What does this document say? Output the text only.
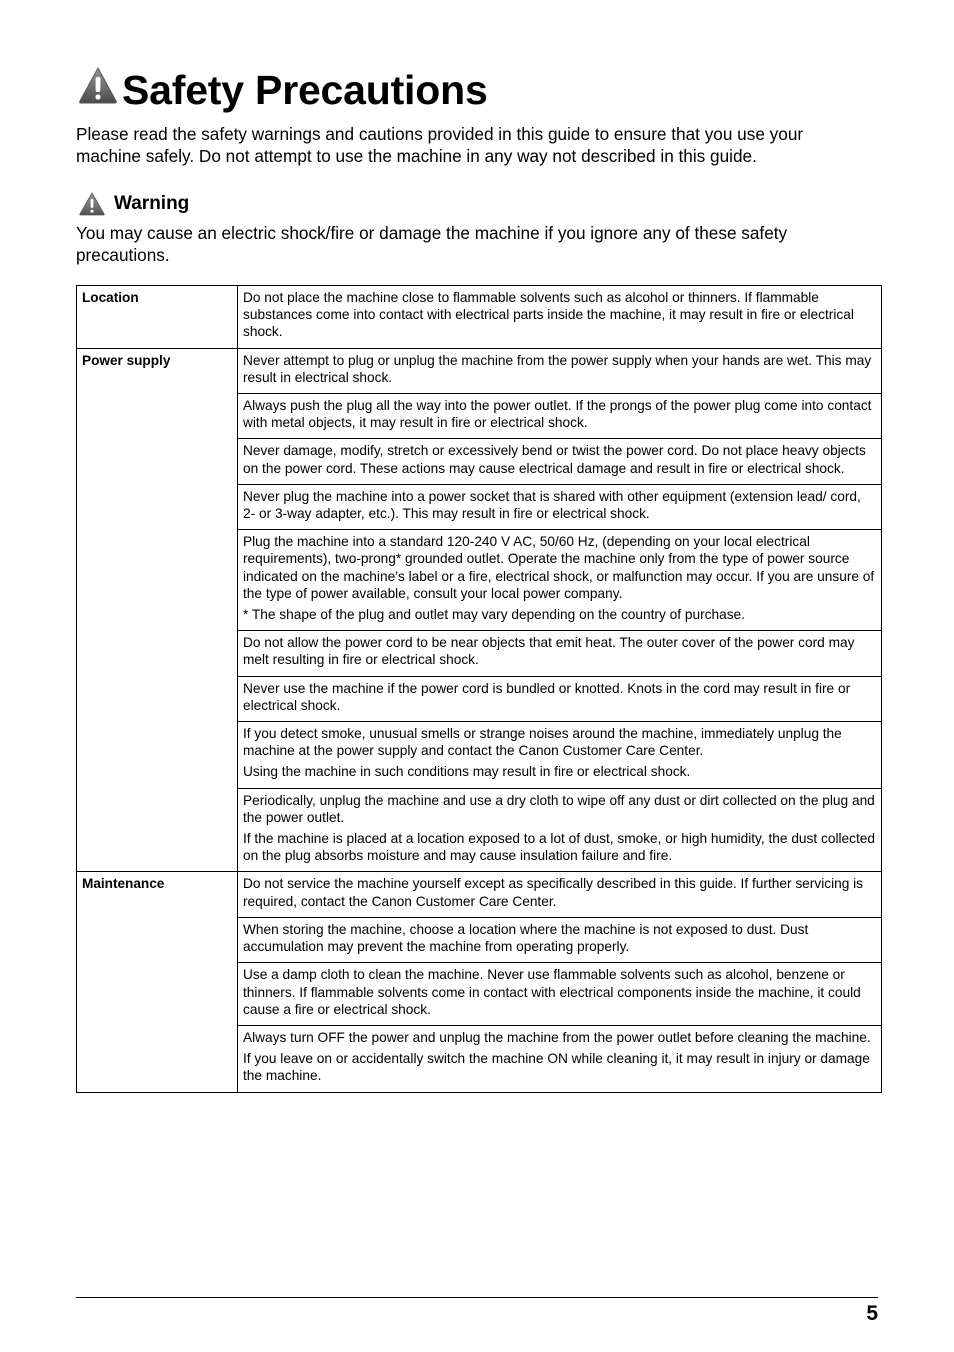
Safety Precautions

Please read the safety warnings and cautions provided in this guide to ensure that you use your machine safely. Do not attempt to use the machine in any way not described in this guide.

Warning

You may cause an electric shock/fire or damage the machine if you ignore any of these safety precautions.

Location	Do not place the machine close to flammable solvents such as alcohol or thinners. If flammable substances come into contact with electrical parts inside the machine, it may result in fire or electrical shock.

Power supply	Never attempt to plug or unplug the machine from the power supply when your hands are wet. This may result in electrical shock.

	Always push the plug all the way into the power outlet. If the prongs of the power plug come into contact with metal objects, it may result in fire or electrical shock.

	Never damage, modify, stretch or excessively bend or twist the power cord. Do not place heavy objects on the power cord. These actions may cause electrical damage and result in fire or electrical shock.

	Never plug the machine into a power socket that is shared with other equipment (extension lead/ cord, 2- or 3-way adapter, etc.). This may result in fire or electrical shock.

	Plug the machine into a standard 120-240 V AC, 50/60 Hz, (depending on your local electrical requirements), two-prong* grounded outlet. Operate the machine only from the type of power source indicated on the machine’s label or a fire, electrical shock, or malfunction may occur. If you are unsure of the type of power available, consult your local power company.

* The shape of the plug and outlet may vary depending on the country of purchase.

	Do not allow the power cord to be near objects that emit heat. The outer cover of the power cord may melt resulting in fire or electrical shock.

	Never use the machine if the power cord is bundled or knotted. Knots in the cord may result in fire or electrical shock.

	If you detect smoke, unusual smells or strange noises around the machine, immediately unplug the machine at the power supply and contact the Canon Customer Care Center.

Using the machine in such conditions may result in fire or electrical shock.

	Periodically, unplug the machine and use a dry cloth to wipe off any dust or dirt collected on the plug and the power outlet.

If the machine is placed at a location exposed to a lot of dust, smoke, or high humidity, the dust collected on the plug absorbs moisture and may cause insulation failure and fire.

Maintenance	Do not service the machine yourself except as specifically described in this guide. If further servicing is required, contact the Canon Customer Care Center.

	When storing the machine, choose a location where the machine is not exposed to dust. Dust accumulation may prevent the machine from operating properly.

	Use a damp cloth to clean the machine. Never use flammable solvents such as alcohol, benzene or thinners. If flammable solvents come in contact with electrical components inside the machine, it could cause a fire or electrical shock.

	Always turn OFF the power and unplug the machine from the power outlet before cleaning the machine.

If you leave on or accidentally switch the machine ON while cleaning it, it may result in injury or damage the machine.

5
